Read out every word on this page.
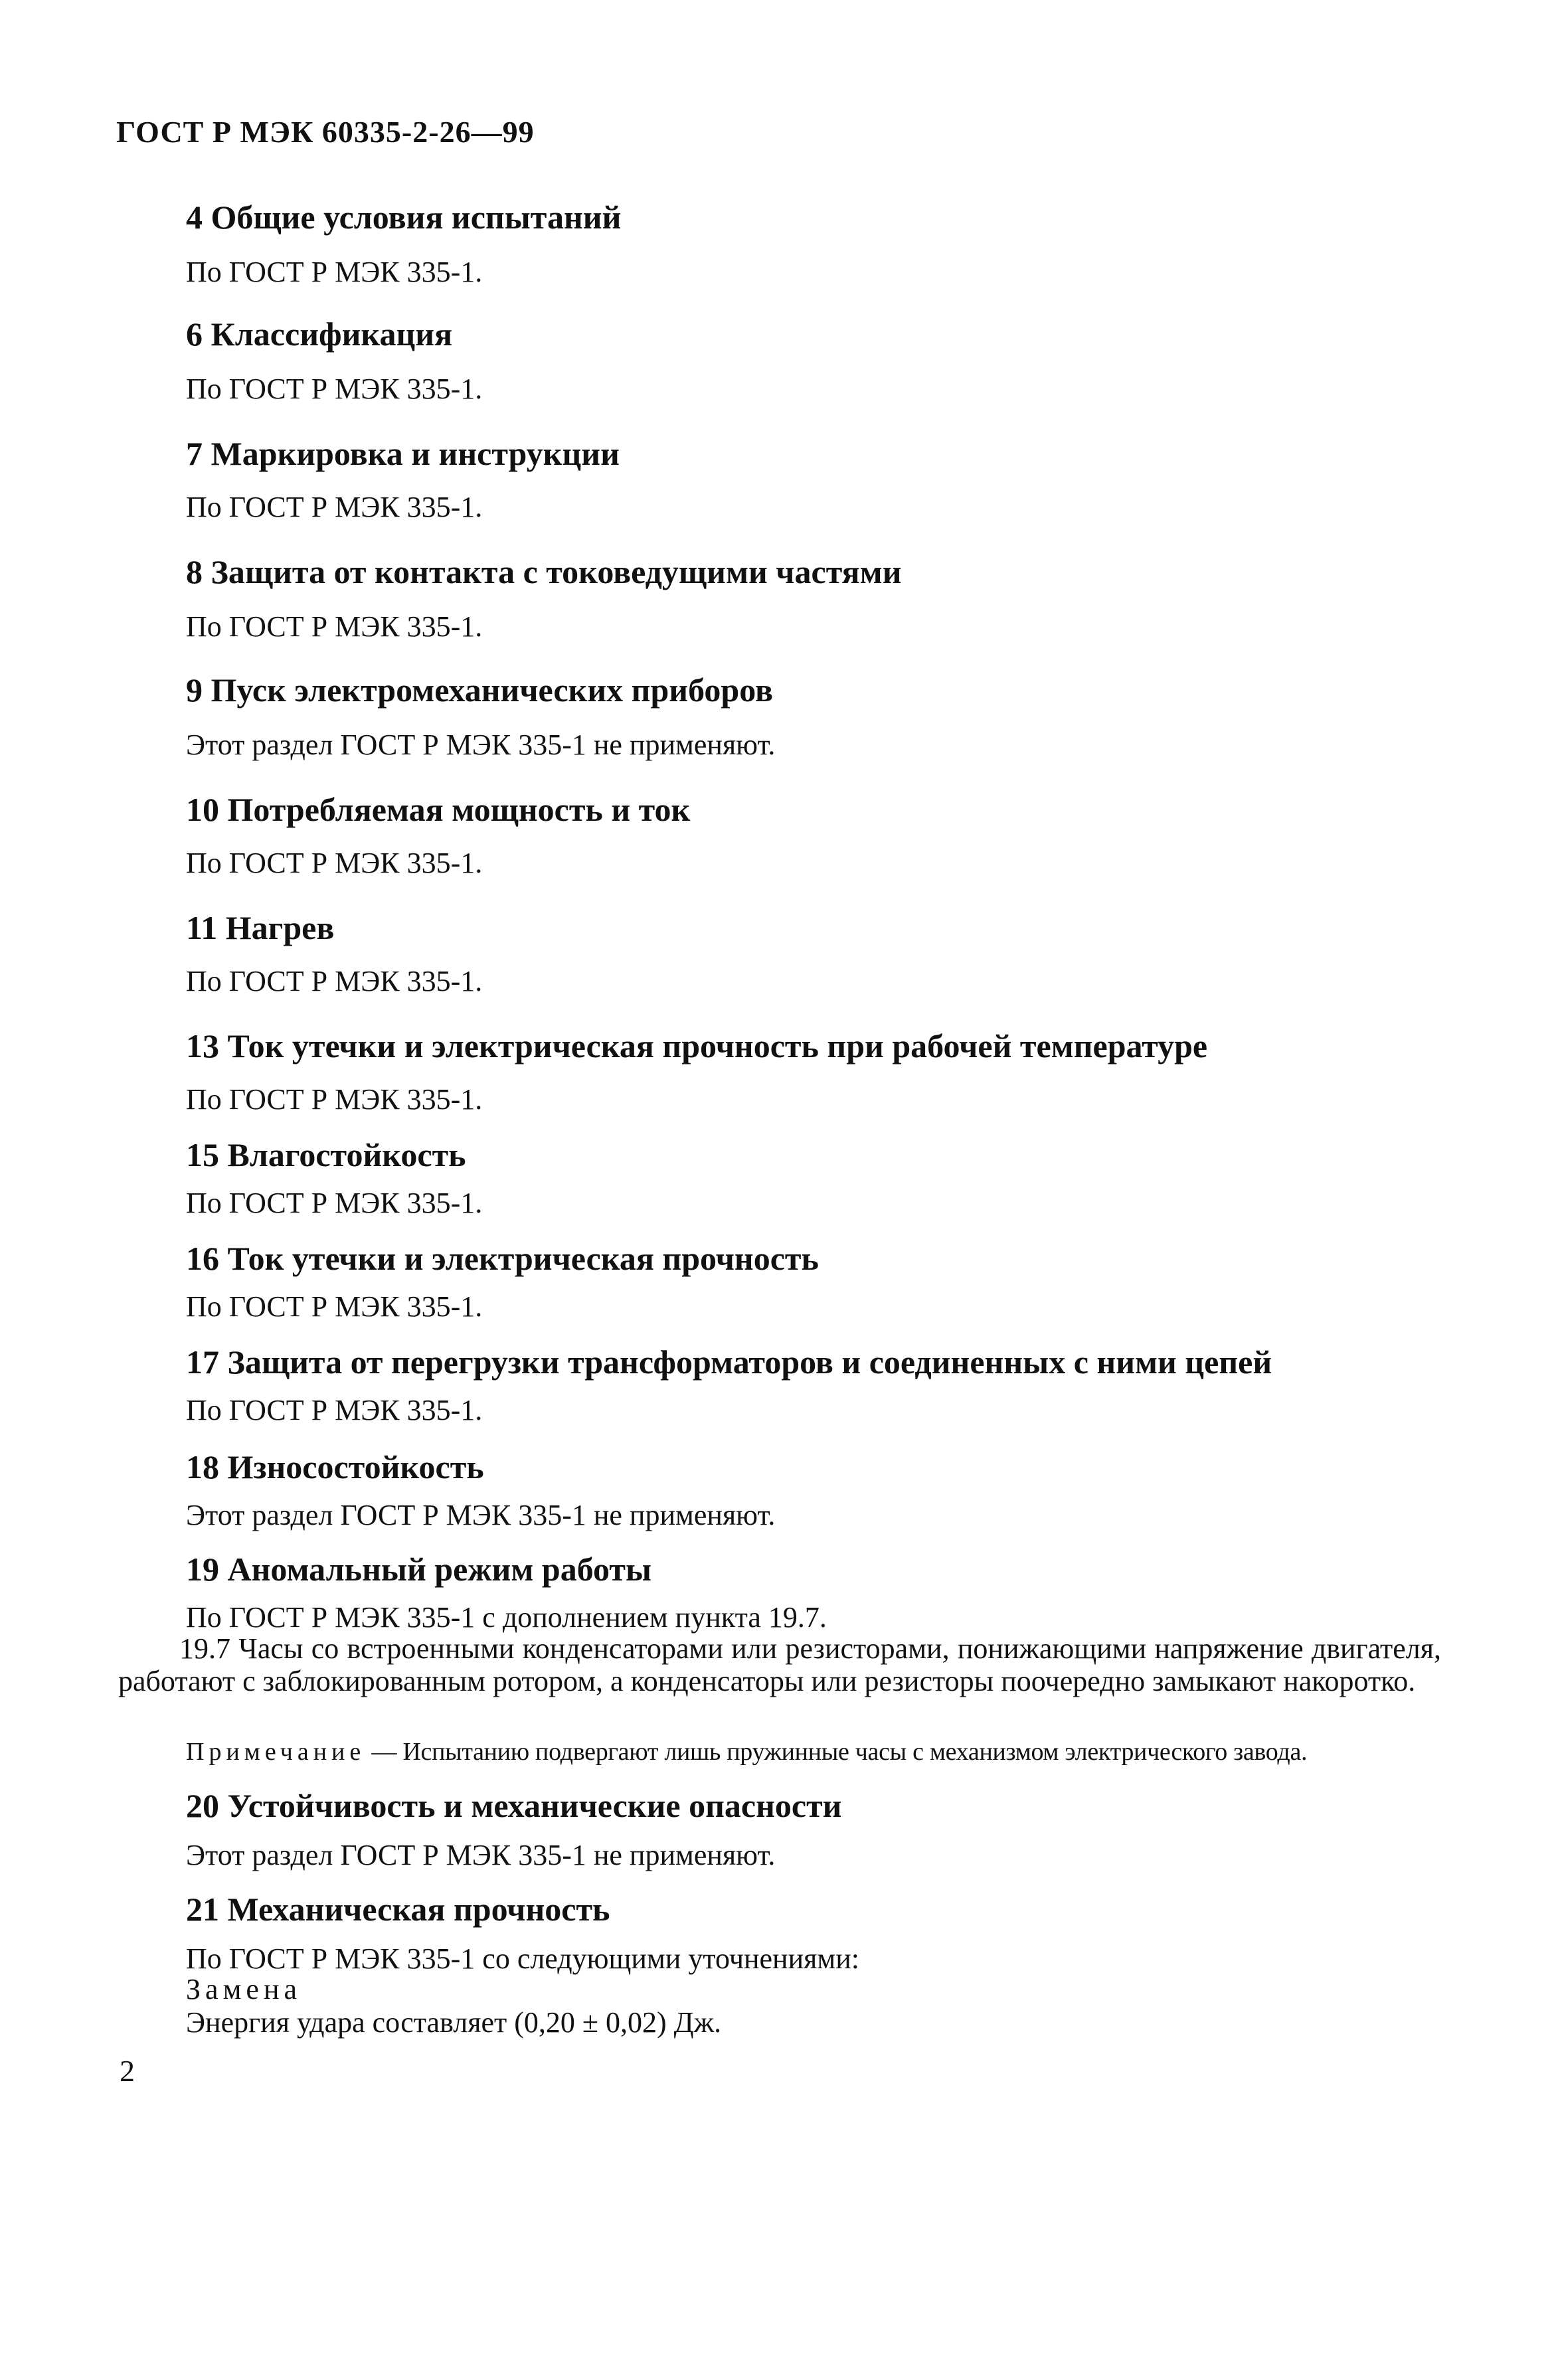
ГОСТ Р МЭК 60335-2-26—99
4 Общие условия испытаний
По ГОСТ Р МЭК 335-1.
6 Классификация
По ГОСТ Р МЭК 335-1.
7 Маркировка и инструкции
По ГОСТ Р МЭК 335-1.
8 Защита от контакта с токоведущими частями
По ГОСТ Р МЭК 335-1.
9 Пуск электромеханических приборов
Этот раздел ГОСТ Р МЭК 335-1 не применяют.
10 Потребляемая мощность и ток
По ГОСТ Р МЭК 335-1.
11 Нагрев
По ГОСТ Р МЭК 335-1.
13 Ток утечки и электрическая прочность при рабочей температуре
По ГОСТ Р МЭК 335-1.
15 Влагостойкость
По ГОСТ Р МЭК 335-1.
16 Ток утечки и электрическая прочность
По ГОСТ Р МЭК 335-1.
17 Защита от перегрузки трансформаторов и соединенных с ними цепей
По ГОСТ Р МЭК 335-1.
18 Износостойкость
Этот раздел ГОСТ Р МЭК 335-1 не применяют.
19 Аномальный режим работы
По ГОСТ Р МЭК 335-1 с дополнением пункта 19.7.
19.7 Часы со встроенными конденсаторами или резисторами, понижающими напряжение двигателя, работают с заблокированным ротором, а конденсаторы или резисторы поочередно замыкают накоротко.
Примечание — Испытанию подвергают лишь пружинные часы с механизмом электрического завода.
20 Устойчивость и механические опасности
Этот раздел ГОСТ Р МЭК 335-1 не применяют.
21 Механическая прочность
По ГОСТ Р МЭК 335-1 со следующими уточнениями:
Замена
Энергия удара составляет (0,20 ± 0,02) Дж.
2
